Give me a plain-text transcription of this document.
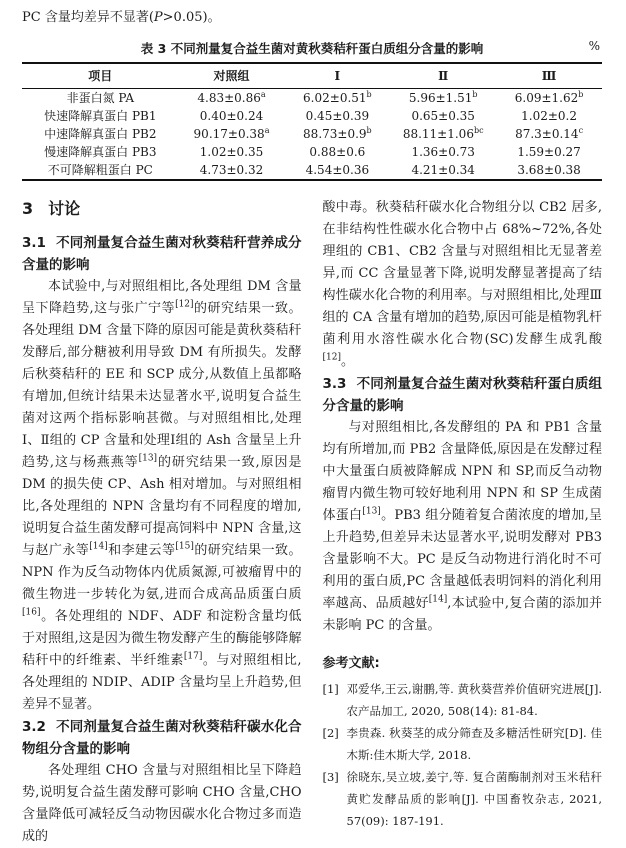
PC 含量均差异不显著(P>0.05)。

表 3 不同剂量复合益生菌对黄秋葵秸秆蛋白质组分含量的影响	%
项目	对照组	Ⅰ	Ⅱ	Ⅲ
非蛋白氮 PA	4.83±0.86$^a$	6.02±0.51$^b$	5.96±1.51$^b$	6.09±1.62$^b$
快速降解真蛋白 PB1	0.40±0.24	0.45±0.39	0.65±0.35	1.02±0.2
中速降解真蛋白 PB2	90.17±0.38$^a$	88.73±0.9$^b$	88.11±1.06$^{bc}$	87.3±0.14$^c$
慢速降解真蛋白 PB3	1.02±0.35	0.88±0.6	1.36±0.73	1.59±0.27
不可降解粗蛋白 PC	4.73±0.32	4.54±0.36	4.21±0.34	3.68±0.38
3 讨论
3.1 不同剂量复合益生菌对秋葵秸秆营养成分含量的影响

本试验中,与对照组相比,各处理组 DM 含量呈下降趋势,这与张广宁等[12]的研究结果一致。各处理组 DM 含量下降的原因可能是黄秋葵秸秆发酵后,部分糖被利用导致 DM 有所损失。发酵后秋葵秸秆的 EE 和 SCP 成分,从数值上虽都略有增加,但统计结果未达显著水平,说明复合益生菌对这两个指标影响甚微。与对照组相比,处理Ⅰ、Ⅱ组的 CP 含量和处理Ⅰ组的 Ash 含量呈上升趋势,这与杨燕燕等[13]的研究结果一致,原因是 DM 的损失使 CP、Ash 相对增加。与对照组相比,各处理组的 NPN 含量均有不同程度的增加,说明复合益生菌发酵可提高饲料中 NPN 含量,这与赵广永等[14]和李建云等[15]的研究结果一致。NPN 作为反刍动物体内优质氮源,可被瘤胃中的微生物进一步转化为氨,进而合成高品质蛋白质[16]。各处理组的 NDF、ADF 和淀粉含量均低于对照组,这是因为微生物发酵产生的酶能够降解秸秆中的纤维素、半纤维素[17]。与对照组相比,各处理组的 NDIP、ADIP 含量均呈上升趋势,但差异不显著。

3.2 不同剂量复合益生菌对秋葵秸秆碳水化合物组分含量的影响

各处理组 CHO 含量与对照组相比呈下降趋势,说明复合益生菌发酵可影响 CHO 含量,CHO 含量降低可减轻反刍动物因碳水化合物过多而造成的

酸中毒。秋葵秸秆碳水化合物组分以 CB2 居多,在非结构性性碳水化合物中占 68%~72%,各处理组的 CB1、CB2 含量与对照组相比无显著差异,而 CC 含量显著下降,说明发酵显著提高了结构性碳水化合物的利用率。与对照组相比,处理Ⅲ组的 CA 含量有增加的趋势,原因可能是植物乳杆菌利用水溶性碳水化合物(SC)发酵生成乳酸[12]。

3.3 不同剂量复合益生菌对秋葵秸秆蛋白质组分含量的影响

与对照组相比,各发酵组的 PA 和 PB1 含量均有所增加,而 PB2 含量降低,原因是在发酵过程中大量蛋白质被降解成 NPN 和 SP,而反刍动物瘤胃内微生物可较好地利用 NPN 和 SP 生成菌体蛋白[13]。PB3 组分随着复合菌浓度的增加,呈上升趋势,但差异未达显著水平,说明发酵对 PB3 含量影响不大。PC 是反刍动物进行消化时不可利用的蛋白质,PC 含量越低表明饲料的消化利用率越高、品质越好[14],本试验中,复合菌的添加并未影响 PC 的含量。

参考文献:
[1] 邓爱华,王云,谢鹏,等. 黄秋葵营养价值研究进展[J]. 农产品加工, 2020, 508(14): 81-84.
[2] 李贵森. 秋葵茎的成分筛查及多糖活性研究[D]. 佳木斯:佳木斯大学, 2018.
[3] 徐晓东,吴立坡,姜宁,等. 复合菌酶制剂对玉米秸秆黄贮发酵品质的影响[J]. 中国畜牧杂志, 2021, 57(09): 187-191.
